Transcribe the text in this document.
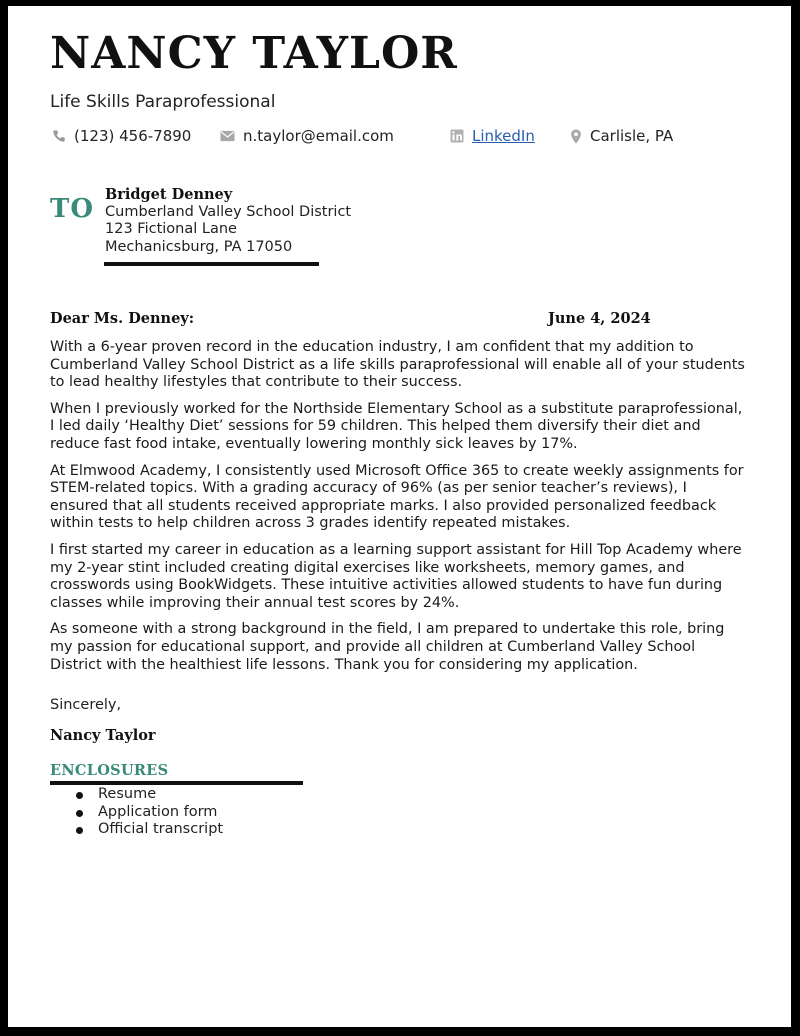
NANCY TAYLOR
Life Skills Paraprofessional
(123) 456-7890	n.taylor@email.com	LinkedIn	Carlisle, PA
TO Bridget Denney
Cumberland Valley School District
123 Fictional Lane
Mechanicsburg, PA 17050
Dear Ms. Denney:	June 4, 2024

With a 6-year proven record in the education industry, I am confident that my addition to Cumberland Valley School District as a life skills paraprofessional will enable all of your students to lead healthy lifestyles that contribute to their success.

When I previously worked for the Northside Elementary School as a substitute paraprofessional, I led daily ‘Healthy Diet’ sessions for 59 children. This helped them diversify their diet and reduce fast food intake, eventually lowering monthly sick leaves by 17%.

At Elmwood Academy, I consistently used Microsoft Office 365 to create weekly assignments for STEM-related topics. With a grading accuracy of 96% (as per senior teacher’s reviews), I ensured that all students received appropriate marks. I also provided personalized feedback within tests to help children across 3 grades identify repeated mistakes.

I first started my career in education as a learning support assistant for Hill Top Academy where my 2-year stint included creating digital exercises like worksheets, memory games, and crosswords using BookWidgets. These intuitive activities allowed students to have fun during classes while improving their annual test scores by 24%.

As someone with a strong background in the field, I am prepared to undertake this role, bring my passion for educational support, and provide all children at Cumberland Valley School District with the healthiest life lessons. Thank you for considering my application.

Sincerely,
Nancy Taylor
ENCLOSURES
Resume
Application form
Official transcript
